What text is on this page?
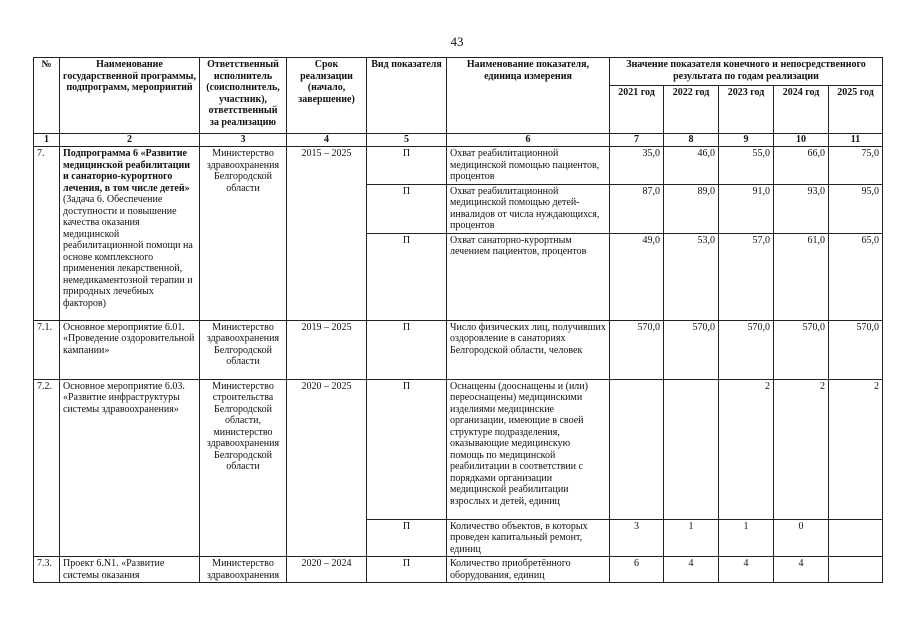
43
№	Наименование государственной программы, подпрограмм, мероприятий	Ответственный исполнитель (соисполнитель, участник), ответственный за реализацию	Срок реализации (начало, завершение)	Вид показателя	Наименование показателя, единица измерения	Значение показателя конечного и непосредственного результата по годам реализации				
						2021 год	2022 год	2023 год	2024 год	2025 год
1	2	3	4	5	6	7	8	9	10	11
7.	Подпрограмма 6 «Развитие медицинской реабилитации и санаторно-курортного лечения, в том числе детей» (Задача 6. Обеспечение доступности и повышение качества оказания медицинской реабилитационной помощи на основе комплексного применения лекарственной, немедикаментозной терапии и природных лечебных факторов)	Министерство здравоохранения Белгородской области	2015 – 2025	П	Охват реабилитационной медицинской помощью пациентов, процентов	35,0	46,0	55,0	66,0	75,0
				П	Охват реабилитационной медицинской помощью детей-инвалидов от числа нуждающихся, процентов	87,0	89,0	91,0	93,0	95,0
				П	Охват санаторно-курортным лечением пациентов, процентов	49,0	53,0	57,0	61,0	65,0
7.1.	Основное мероприятие 6.01. «Проведение оздоровительной кампании»	Министерство здравоохранения Белгородской области	2019 – 2025	П	Число физических лиц, получивших оздоровление в санаториях Белгородской области, человек	570,0	570,0	570,0	570,0	570,0
7.2.	Основное мероприятие 6.03. «Развитие инфраструктуры системы здравоохранения»	Министерство строительства Белгородской области, министерство здравоохранения Белгородской области	2020 – 2025	П	Оснащены (дооснащены и (или) переоснащены) медицинскими изделиями медицинские организации, имеющие в своей структуре подразделения, оказывающие медицинскую помощь по медицинской реабилитации в соответствии с порядками организации медицинской реабилитации взрослых и детей, единиц			2	2	2
				П	Количество объектов, в которых проведен капитальный ремонт, единиц	3	1	1	0	
7.3.	Проект 6.N1. «Развитие системы оказания	Министерство здравоохранения	2020 – 2024	П	Количество приобретённого оборудования, единиц	6	4	4	4	
